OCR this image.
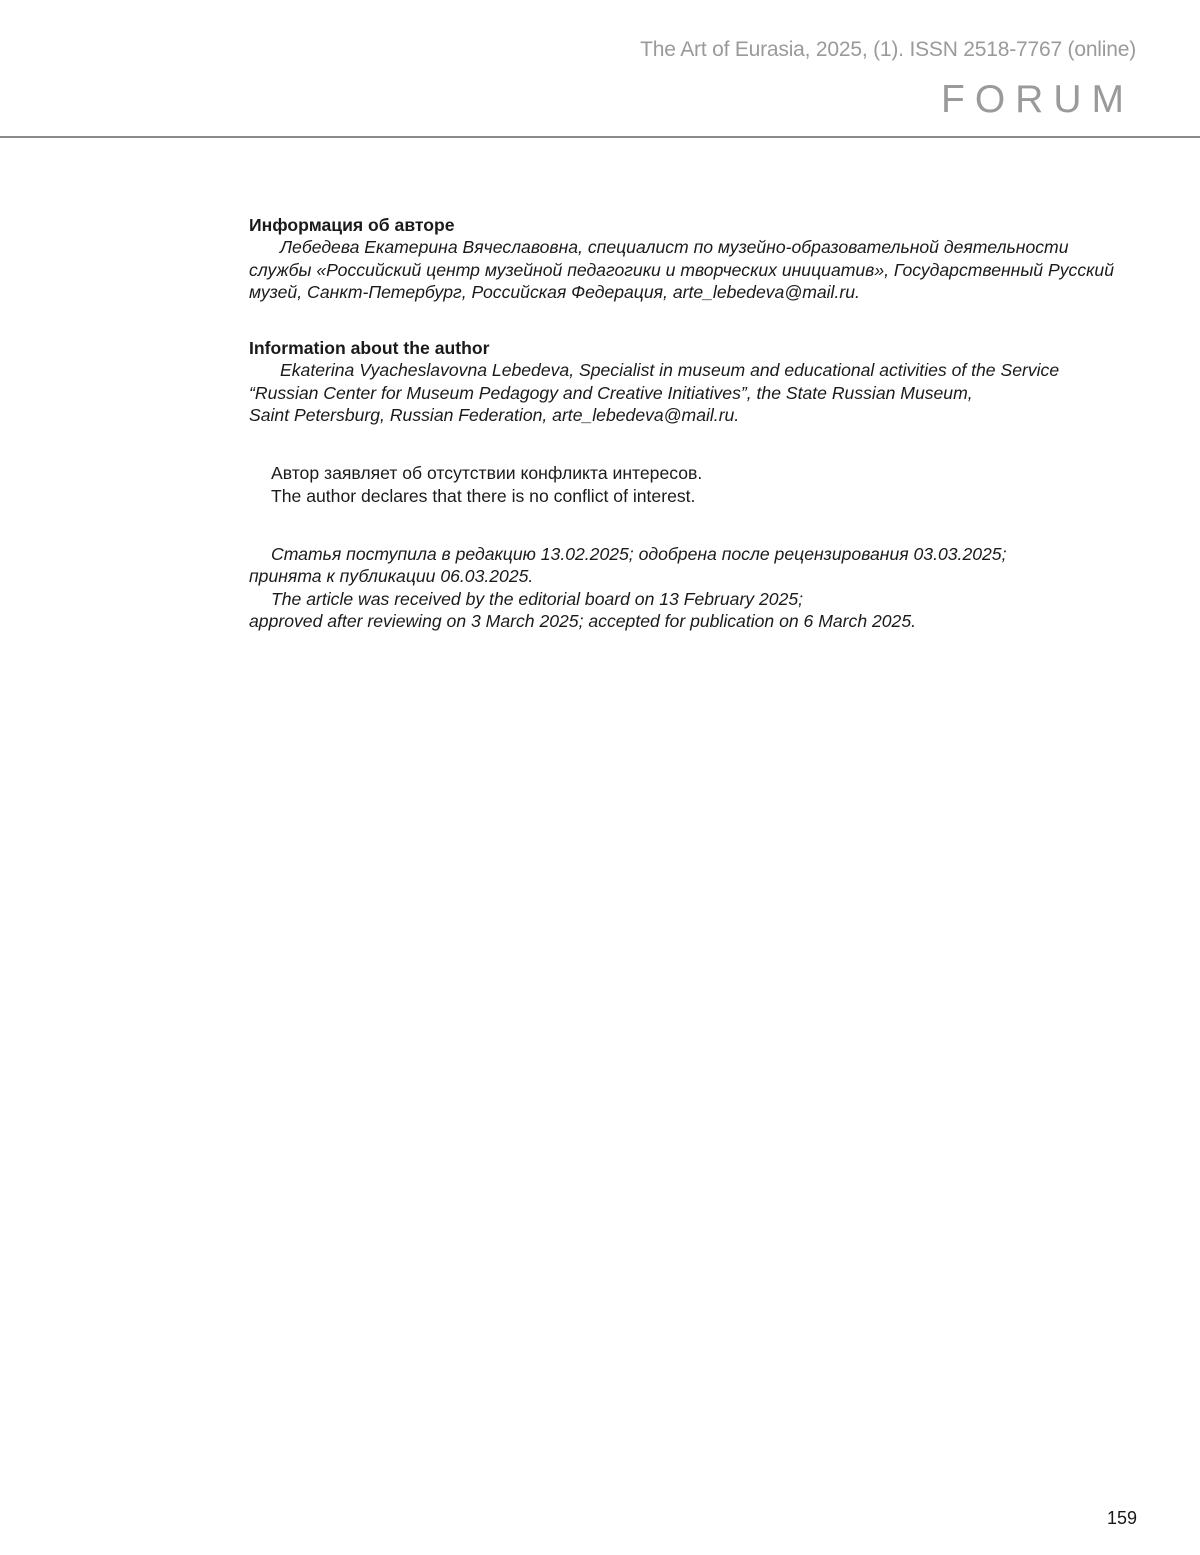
The Art of Eurasia, 2025, (1). ISSN 2518-7767 (online)
FORUM

Информация об авторе

Лебедева Екатерина Вячеславовна, специалист по музейно-образовательной деятельности
службы «Российский центр музейной педагогики и творческих инициатив», Государственный Русский
музей, Санкт-Петербург, Российская Федерация, arte_lebedeva@mail.ru.

Information about the author

Ekaterina Vyacheslavovna Lebedeva, Specialist in museum and educational activities of the Service
“Russian Center for Museum Pedagogy and Creative Initiatives”, the State Russian Museum,
Saint Petersburg, Russian Federation, arte_lebedeva@mail.ru.

Автор заявляет об отсутствии конфликта интересов.
The author declares that there is no conflict of interest.
Статья поступила в редакцию 13.02.2025; одобрена после рецензирования 03.03.2025;
принята к публикации 06.03.2025.
The article was received by the editorial board on 13 February 2025;
approved after reviewing on 3 March 2025; accepted for publication on 6 March 2025.
159
